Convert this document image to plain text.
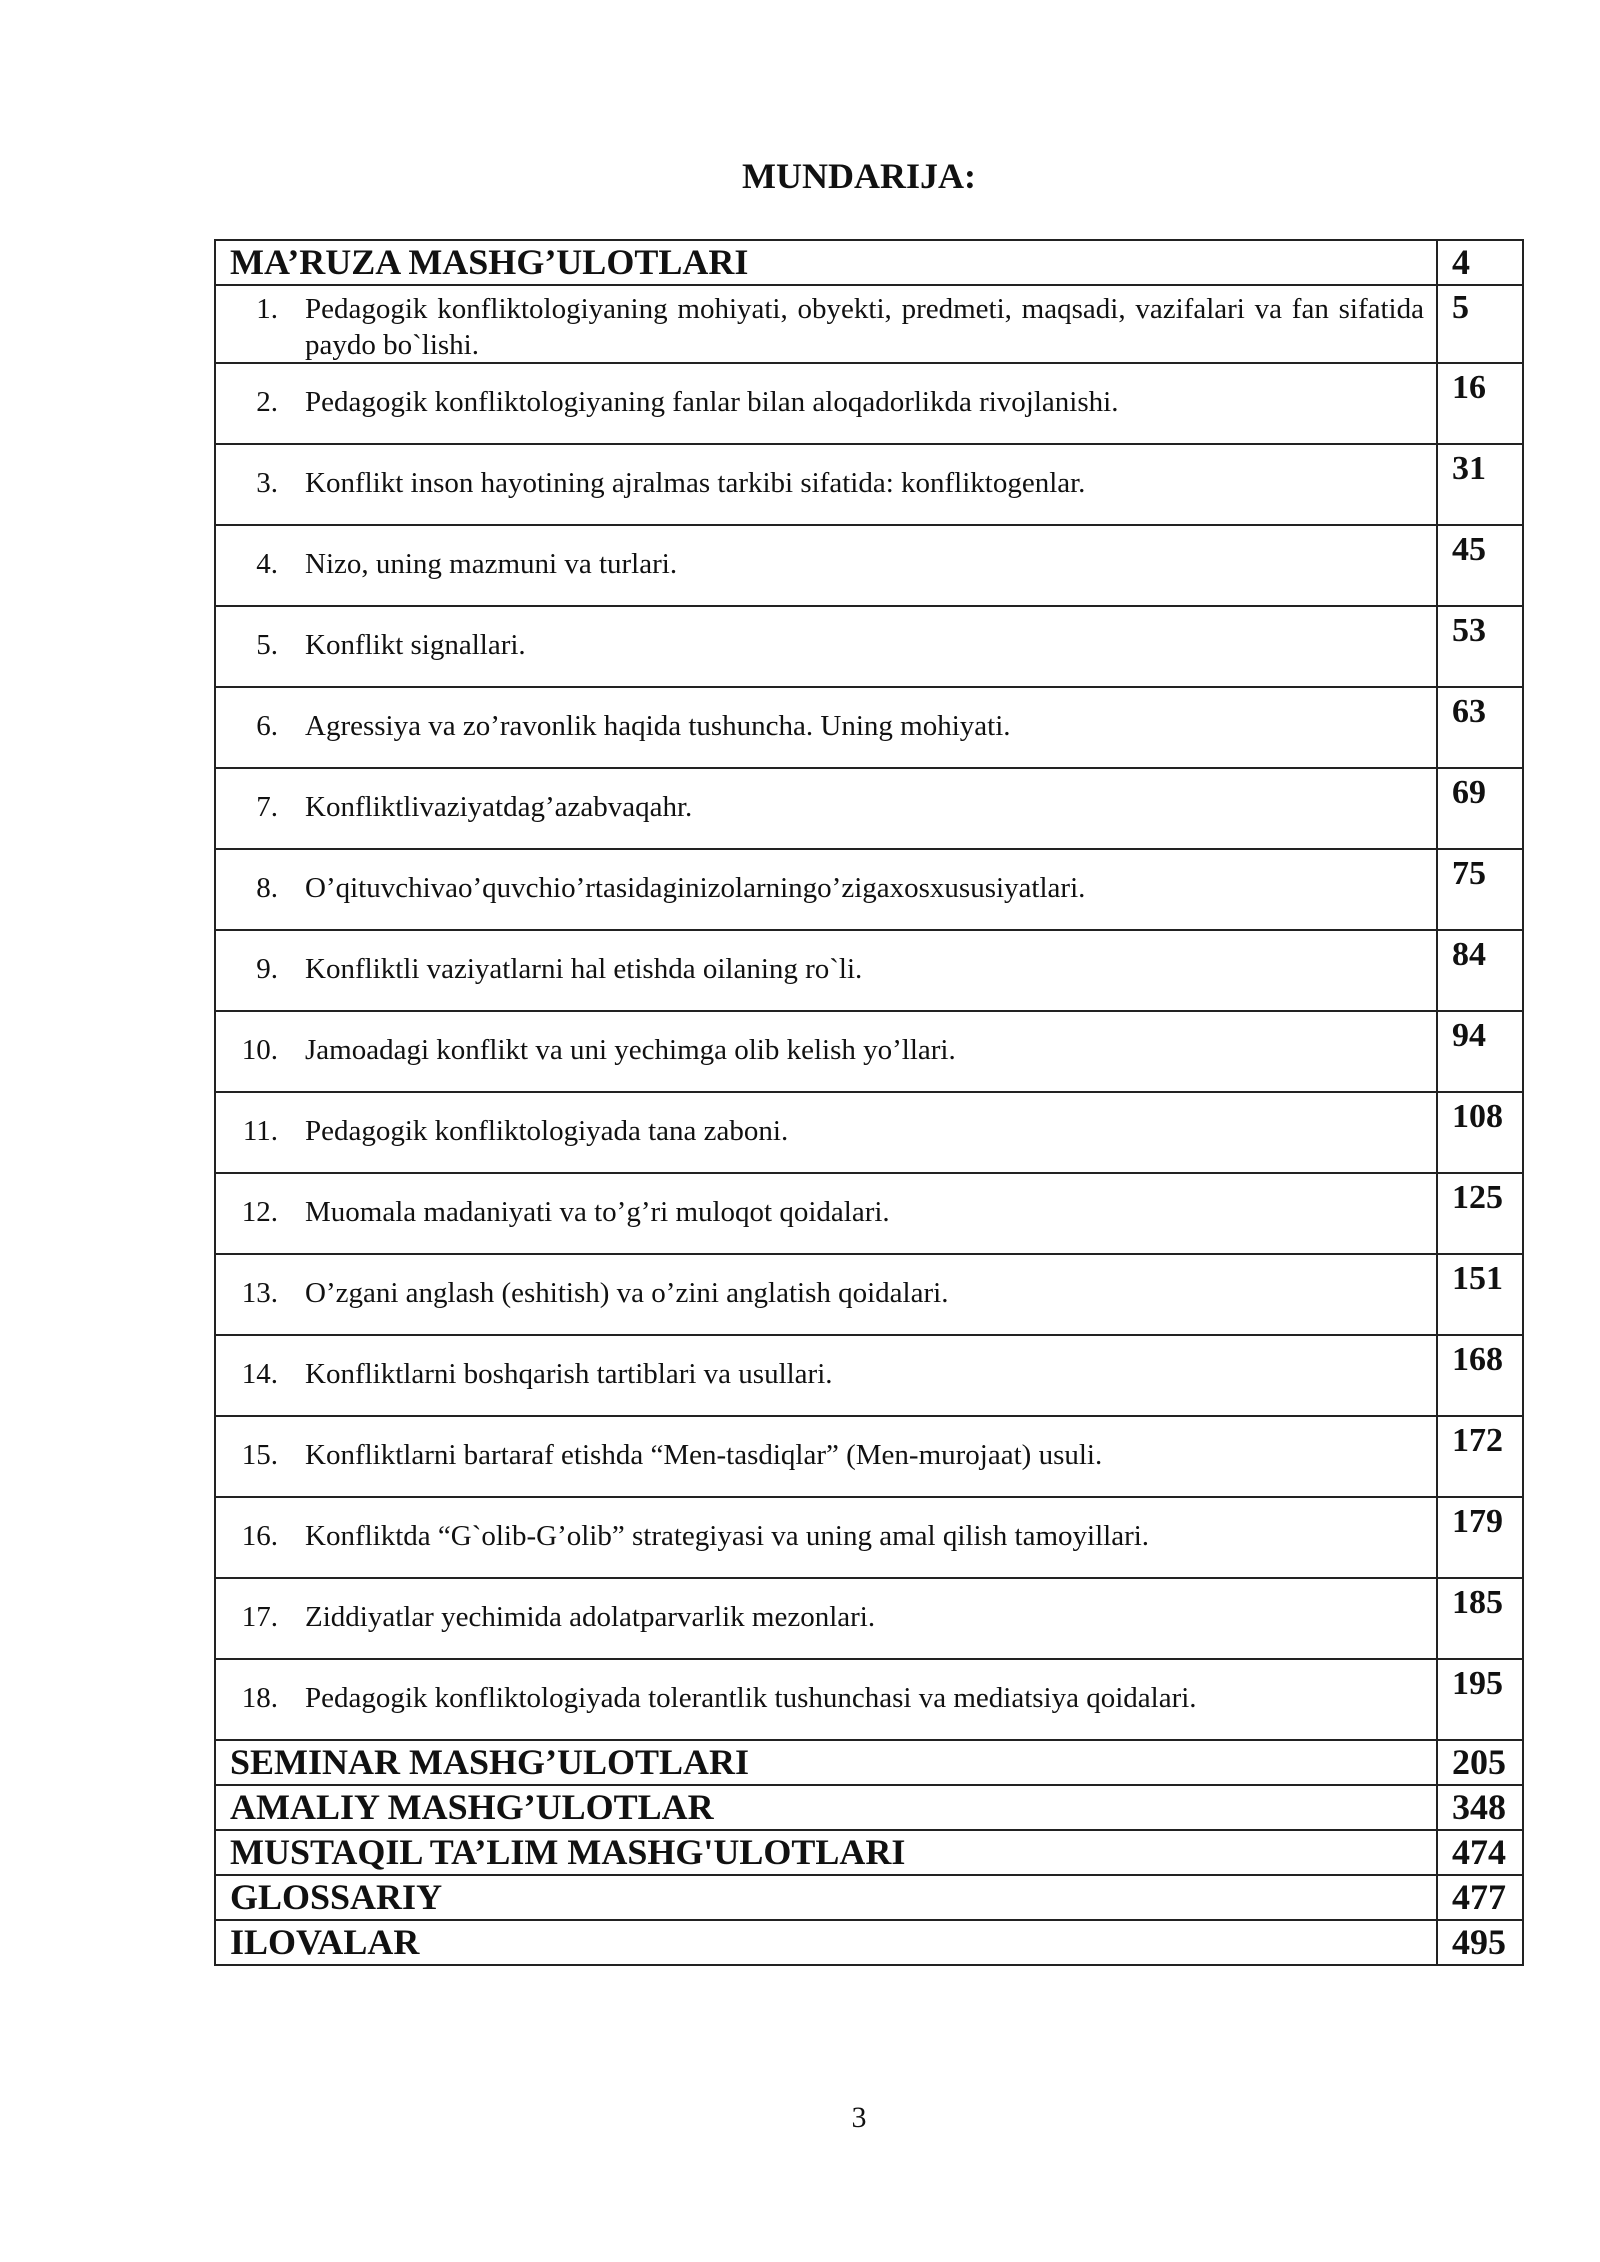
MUNDARIJA:
MA’RUZA MASHG’ULOTLARI	4

1. Pedagogik konfliktologiyaning mohiyati, obyekti, predmeti, maqsadi, vazifalari va fan sifatida paydo bo`lishi.	5

2. Pedagogik konfliktologiyaning fanlar bilan aloqadorlikda rivojlanishi.	16

3. Konflikt inson hayotining ajralmas tarkibi sifatida: konfliktogenlar.	31

4. Nizo, uning mazmuni va turlari.	45

5. Konflikt signallari.	53

6. Agressiya va zo’ravonlik haqida tushuncha. Uning mohiyati.	63

7. Konfliktlivaziyatdag’azabvaqahr.	69

8. O’qituvchivao’quvchio’rtasidaginizolarningo’zigaxosxususiyatlari.	75

9. Konfliktli vaziyatlarni hal etishda oilaning ro`li.	84

10. Jamoadagi konflikt va uni yechimga olib kelish yo’llari.	94

11. Pedagogik konfliktologiyada tana zaboni.	108

12. Muomala madaniyati va to’g’ri muloqot qoidalari.	125

13. O’zgani anglash (eshitish) va o’zini anglatish qoidalari.	151

14. Konfliktlarni boshqarish tartiblari va usullari.	168

15. Konfliktlarni bartaraf etishda “Men-tasdiqlar” (Men-murojaat) usuli.	172

16. Konfliktda “G`olib-G’olib” strategiyasi va uning amal qilish tamoyillari.	179

17. Ziddiyatlar yechimida adolatparvarlik mezonlari.	185

18. Pedagogik konfliktologiyada tolerantlik tushunchasi va mediatsiya qoidalari.	195
SEMINAR MASHG’ULOTLARI	205
AMALIY MASHG’ULOTLAR	348
MUSTAQIL TA’LIM MASHG'ULOTLARI	474
GLOSSARIY	477
ILOVALAR	495
3
